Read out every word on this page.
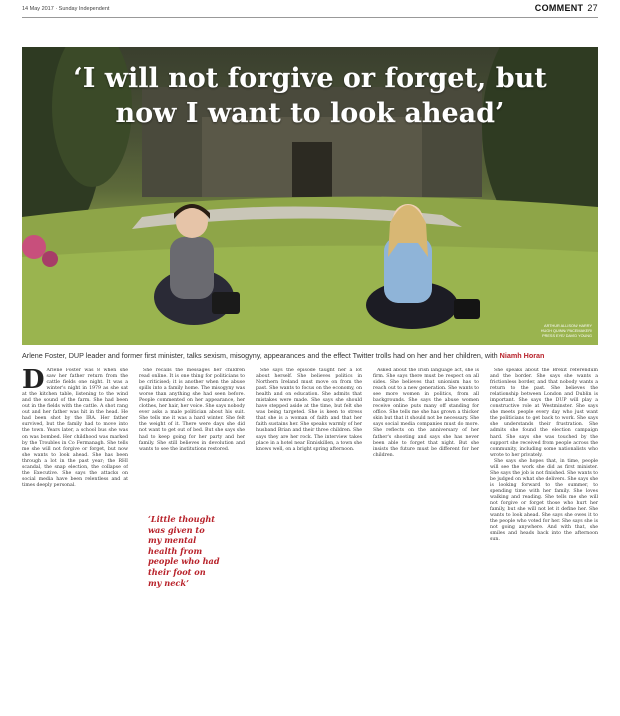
14 May 2017 · Sunday Independent	COMMENT 27
‘I will not forgive or forget, but
now I want to look ahead’
ARTHUR ALLISON/ HARRY
HUGH QUINN/ PACEMAKER/
PRESS EYE/ DAVID YOUNG
Arlene Foster, DUP leader and former first minister, talks sexism, misogyny, appearances and the effect Twitter trolls had on her and her children, with Niamh Horan
D Arlene Foster was 8 when she saw her father return from the cattle fields one night. It was a winter's night in 1979 as she sat at the kitchen table, listening to the wind and the sound of the farm. She had been out in the fields with the cattle. A shot rang out and her father was hit in the head. He had been shot by the IRA. Her father survived, but the family had to move into the town. Years later, a school bus she was on was bombed. Her childhood was marked by the Troubles in Co Fermanagh. She tells me she will not forgive or forget, but now she wants to look ahead. She has been through a lot in the past year; the RHI scandal, the snap election, the collapse of the Executive. She says the attacks on social media have been relentless and at times deeply personal.

She recalls the messages her children read online. It is one thing for politicians to be criticised; it is another when the abuse spills into a family home. The misogyny was worse than anything she had seen before. People commented on her appearance, her clothes, her hair, her voice. She says nobody ever asks a male politician about his suit. She tells me it was a hard winter. She felt the weight of it. There were days she did not want to get out of bed. But she says she had to keep going for her party and her family. She still believes in devolution and wants to see the institutions restored.

‘Little thought was given to my mental health from people who had their foot on my neck’

She says the episode taught her a lot about herself. She believes politics in Northern Ireland must move on from the past. She wants to focus on the economy, on health and on education. She admits that mistakes were made. She says she should have stepped aside at the time, but felt she was being targeted. She is keen to stress that she is a woman of faith and that her faith sustains her. She speaks warmly of her husband Brian and their three children. She says they are her rock. The interview takes place in a hotel near Enniskillen, a town she knows well, on a bright spring afternoon.

Asked about the Irish language act, she is firm. She says there must be respect on all sides. She believes that unionism has to reach out to a new generation. She wants to see more women in politics, from all backgrounds. She says the abuse women receive online puts many off standing for office. She tells me she has grown a thicker skin but that it should not be necessary. She says social media companies must do more. She reflects on the anniversary of her father's shooting and says she has never been able to forget that night. But she insists the future must be different for her children.

She speaks about the Brexit referendum and the border. She says she wants a frictionless border, and that nobody wants a return to the past. She believes the relationship between London and Dublin is important. She says the DUP will play a constructive role at Westminster. She says she meets people every day who just want the politicians to get back to work. She says she understands their frustration. She admits she found the election campaign hard. She says she was touched by the support she received from people across the community, including some nationalists who wrote to her privately.

She says she hopes that, in time, people will see the work she did as first minister. She says the job is not finished. She wants to be judged on what she delivers. She says she is looking forward to the summer, to spending time with her family. She loves walking and reading. She tells me she will not forgive or forget those who hurt her family, but she will not let it define her. She wants to look ahead. She says she owes it to the people who voted for her. She says she is not going anywhere. And with that, she smiles and heads back into the afternoon sun.
